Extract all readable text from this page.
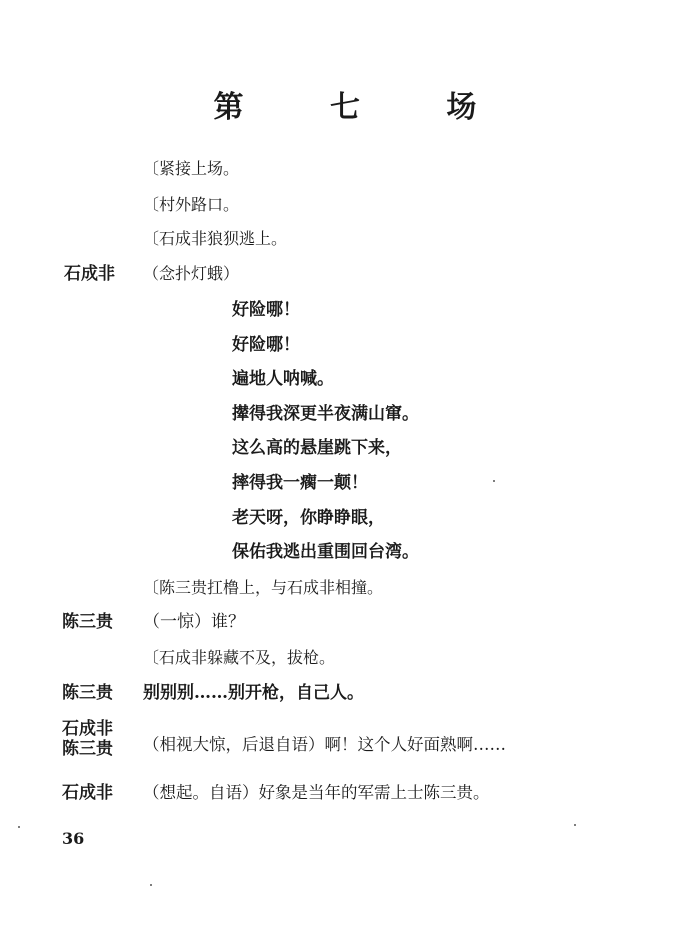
第 七 场
〔紧接上场。
〔村外路口。
〔石成非狼狈逃上。
石成非 （念扑灯蛾）
好险哪！
好险哪！
遍地人呐喊。
撵得我深更半夜满山窜。
这么高的悬崖跳下来，
摔得我一瘸一颠！
老天呀，你睁睁眼，
保佑我逃出重围回台湾。
〔陈三贵扛橹上，与石成非相撞。
陈三贵 （一惊）谁？
〔石成非躲藏不及，拔枪。
陈三贵 别别别……别开枪，自己人。
石成非
陈三贵 （相视大惊，后退自语）啊！这个人好面熟啊……
石成非 （想起。自语）好象是当年的军需上士陈三贵。
36
